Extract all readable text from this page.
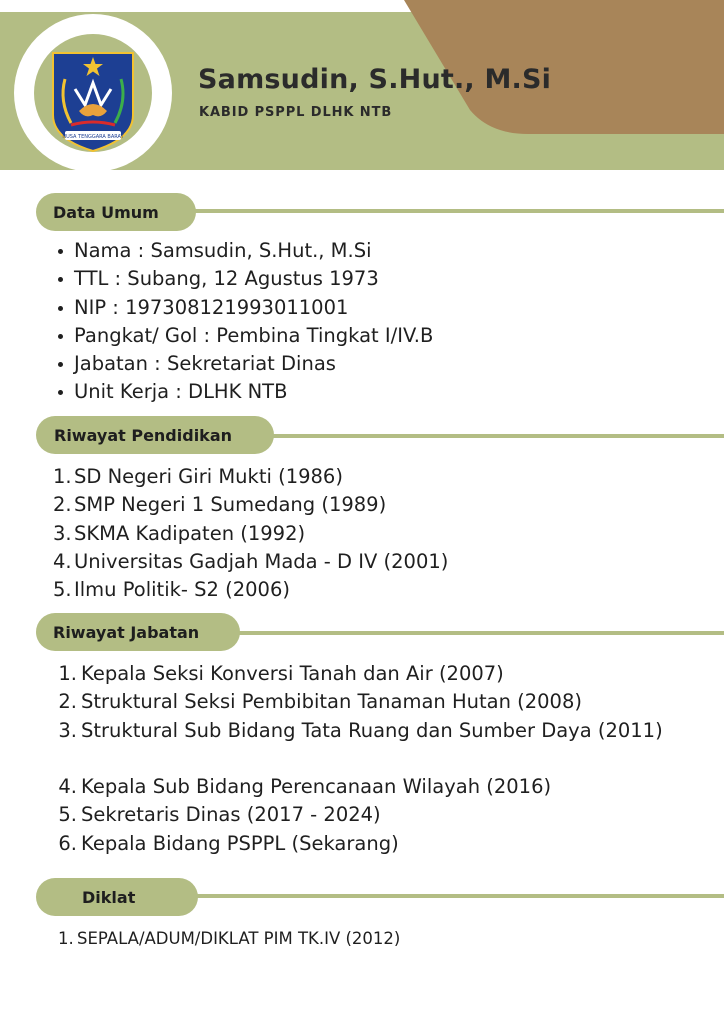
NUSA TENGGARA BARAT
Samsudin, S.Hut., M.Si
KABID PSPPL DLHK NTB
Data Umum
Nama : Samsudin, S.Hut., M.Si
TTL : Subang, 12 Agustus 1973
NIP : 197308121993011001
Pangkat/ Gol : Pembina Tingkat I/IV.B
Jabatan : Sekretariat Dinas
Unit Kerja : DLHK NTB
Riwayat Pendidikan
1. SD Negeri Giri Mukti (1986)
2. SMP Negeri 1 Sumedang (1989)
3. SKMA Kadipaten (1992)
4. Universitas Gadjah Mada - D IV (2001)
5. Ilmu Politik- S2 (2006)
Riwayat Jabatan
1. Kepala Seksi Konversi Tanah dan Air (2007)
2. Struktural Seksi Pembibitan Tanaman Hutan (2008)
3. Struktural Sub Bidang Tata Ruang dan Sumber Daya (2011)
4. Kepala Sub Bidang Perencanaan Wilayah (2016)
5. Sekretaris Dinas (2017 - 2024)
6. Kepala Bidang PSPPL (Sekarang)
Diklat
1. SEPALA/ADUM/DIKLAT PIM TK.IV (2012)
